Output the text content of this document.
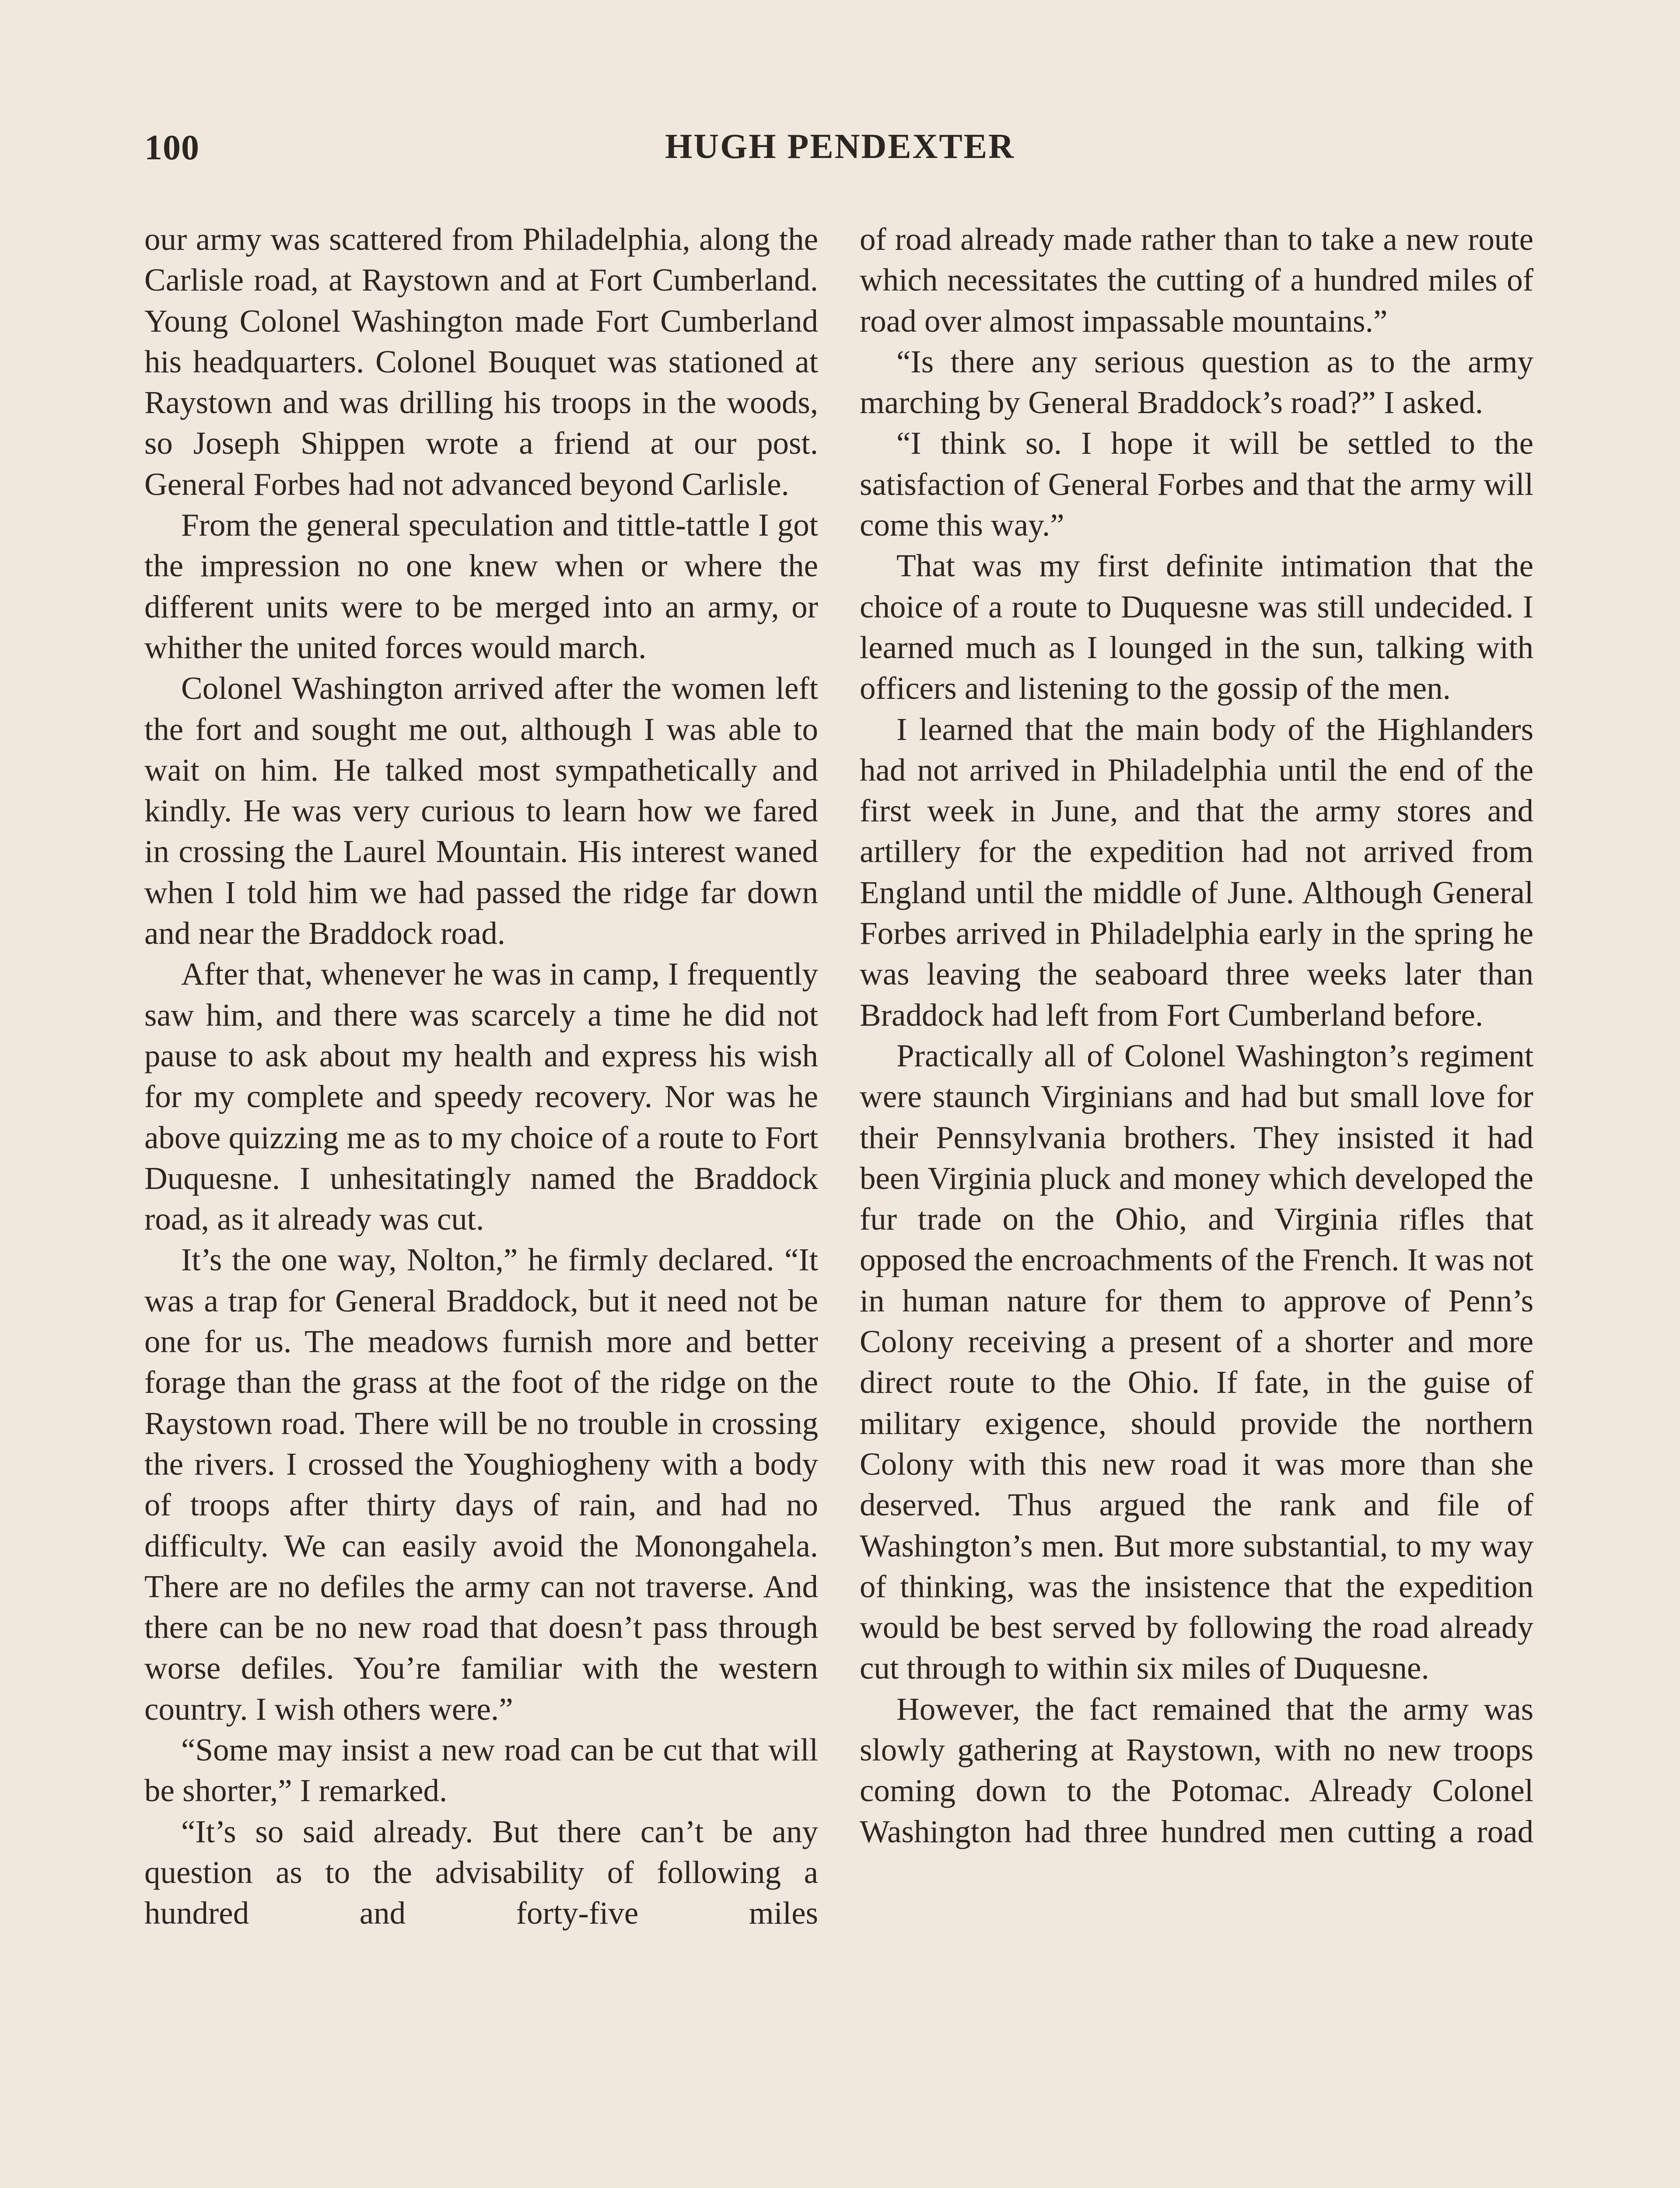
100	HUGH PENDEXTER

our army was scattered from Philadelphia, along the Carlisle road, at Raystown and at Fort Cumberland. Young Colonel Washington made Fort Cumberland his headquarters. Colonel Bouquet was stationed at Raystown and was drilling his troops in the woods, so Joseph Shippen wrote a friend at our post. General Forbes had not advanced beyond Carlisle.

From the general speculation and tittle-tattle I got the impression no one knew when or where the different units were to be merged into an army, or whither the united forces would march.

Colonel Washington arrived after the women left the fort and sought me out, although I was able to wait on him. He talked most sympathetically and kindly. He was very curious to learn how we fared in crossing the Laurel Mountain. His interest waned when I told him we had passed the ridge far down and near the Braddock road.

After that, whenever he was in camp, I frequently saw him, and there was scarcely a time he did not pause to ask about my health and express his wish for my complete and speedy recovery. Nor was he above quizzing me as to my choice of a route to Fort Duquesne. I unhesitatingly named the Braddock road, as it already was cut.

It’s the one way, Nolton,” he firmly declared. “It was a trap for General Braddock, but it need not be one for us. The meadows furnish more and better forage than the grass at the foot of the ridge on the Raystown road. There will be no trouble in crossing the rivers. I crossed the Youghiogheny with a body of troops after thirty days of rain, and had no difficulty. We can easily avoid the Monongahela. There are no defiles the army can not traverse. And there can be no new road that doesn’t pass through worse defiles. You’re familiar with the western country. I wish others were.”

“Some may insist a new road can be cut that will be shorter,” I remarked.

“It’s so said already. But there can’t be any question as to the advisability of following a hundred and forty-five miles

of road already made rather than to take a new route which necessitates the cutting of a hundred miles of road over almost impassable mountains.”

“Is there any serious question as to the army marching by General Braddock’s road?” I asked.

“I think so. I hope it will be settled to the satisfaction of General Forbes and that the army will come this way.”

That was my first definite intimation that the choice of a route to Duquesne was still undecided. I learned much as I lounged in the sun, talking with officers and listening to the gossip of the men.

I learned that the main body of the Highlanders had not arrived in Philadelphia until the end of the first week in June, and that the army stores and artillery for the expedition had not arrived from England until the middle of June. Although General Forbes arrived in Philadelphia early in the spring he was leaving the seaboard three weeks later than Braddock had left from Fort Cumberland before.

Practically all of Colonel Washington’s regiment were staunch Virginians and had but small love for their Pennsylvania brothers. They insisted it had been Virginia pluck and money which developed the fur trade on the Ohio, and Virginia rifles that opposed the encroachments of the French. It was not in human nature for them to approve of Penn’s Colony receiving a present of a shorter and more direct route to the Ohio. If fate, in the guise of military exigence, should provide the northern Colony with this new road it was more than she deserved. Thus argued the rank and file of Washington’s men. But more substantial, to my way of thinking, was the insistence that the expedition would be best served by following the road already cut through to within six miles of Duquesne.

However, the fact remained that the army was slowly gathering at Raystown, with no new troops coming down to the Potomac. Already Colonel Washington had three hundred men cutting a road
